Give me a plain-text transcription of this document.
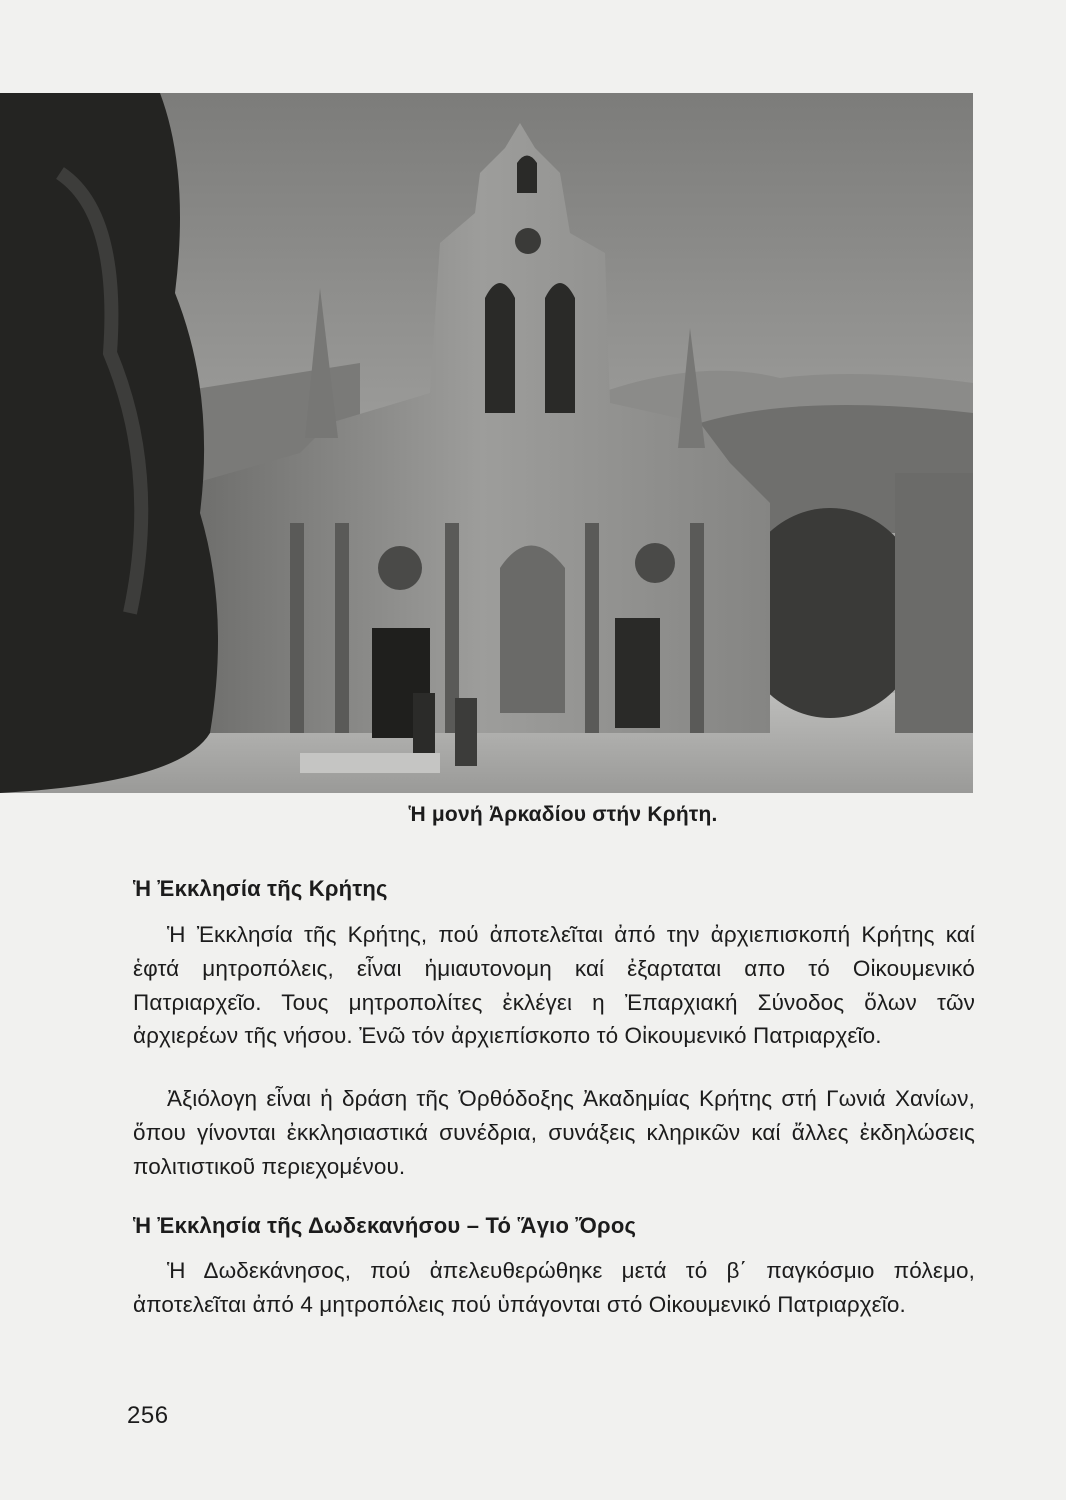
Ἡ μονή Ἀρκαδίου στήν Κρήτη.
Ἡ Ἐκκλησία τῆς Κρήτης

Ἡ Ἐκκλησία τῆς Κρήτης, πού ἀποτελεῖται ἀπό την ἀρχιεπισκοπή Κρήτης καί ἑφτά μητροπόλεις, εἶναι ἡμιαυτονομη καί ἐξαρταται απο τό Οἰκουμενικό Πατριαρχεῖο. Τους μητροπολίτες ἐκλέγει η Ἐπαρχιακή Σύνοδος ὅλων τῶν ἀρχιερέων τῆς νήσου. Ἐνῶ τόν ἀρχιεπίσκοπο τό Οἰκουμενικό Πατριαρχεῖο.

Ἀξιόλογη εἶναι ἡ δράση τῆς Ὀρθόδοξης Ἀκαδημίας Κρήτης στή Γωνιά Χανίων, ὅπου γίνονται ἐκκλησιαστικά συνέδρια, συνάξεις κληρικῶν καί ἄλλες ἐκδηλώσεις πολιτιστικοῦ περιεχομένου.

Ἡ Ἐκκλησία τῆς Δωδεκανήσου – Τό Ἅγιο Ὄρος

Ἡ Δωδεκάνησος, πού ἀπελευθερώθηκε μετά τό β΄ παγκόσμιο πόλεμο, ἀποτελεῖται ἀπό 4 μητροπόλεις πού ὑπάγονται στό Οἰκουμενικό Πατριαρχεῖο.

256
